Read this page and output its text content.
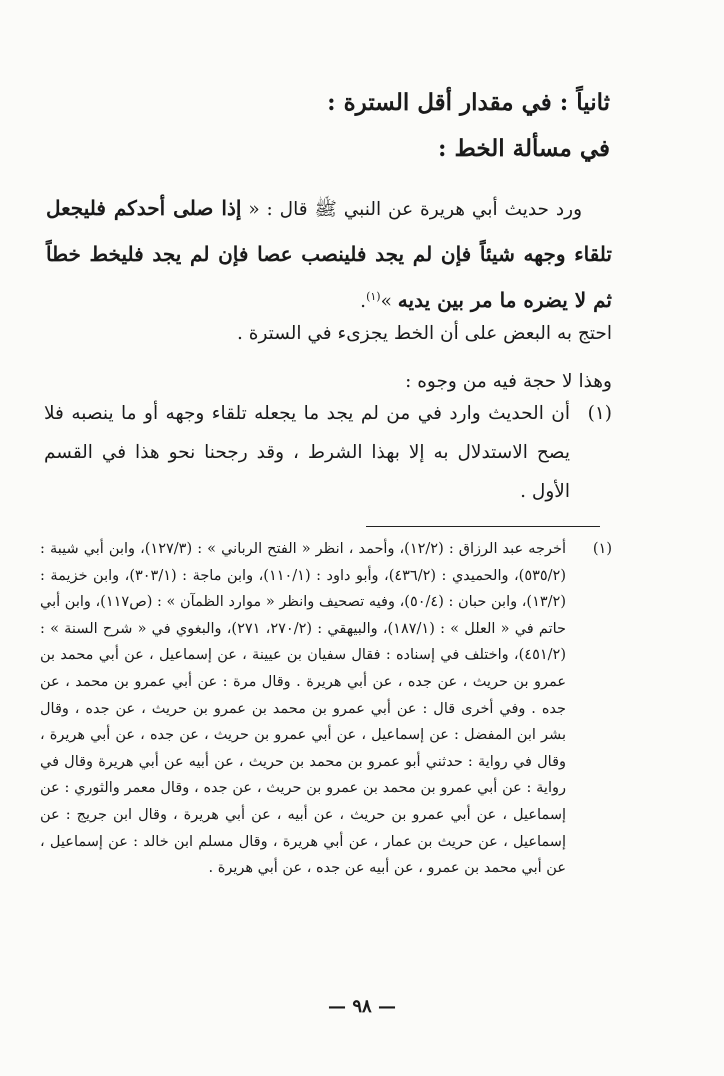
ثانياً : في مقدار أقل السترة :
في مسألة الخط :
ورد حديث أبي هريرة عن النبي ﷺ قال : « إذا صلى أحدكم فليجعل تلقاء وجهه شيئاً فإن لم يجد فلينصب عصا فإن لم يجد فليخط خطاً ثم لا يضره ما مر بين يديه »$^{(١)}$.
احتج به البعض على أن الخط يجزىء في السترة .
وهذا لا حجة فيه من وجوه :
(١)
أن الحديث وارد في من لم يجد ما يجعله تلقاء وجهه أو ما ينصبه فلا يصح الاستدلال به إلا بهذا الشرط ، وقد رجحنا نحو هذا في القسم الأول .
(١)
أخرجه عبد الرزاق : (١٢/٢)، وأحمد ، انظر « الفتح الرباني » : (١٢٧/٣)، وابن أبي شيبة : (٥٣٥/٢)، والحميدي : (٤٣٦/٢)، وأبو داود : (١١٠/١)، وابن ماجة : (٣٠٣/١)، وابن خزيمة : (١٣/٢)، وابن حبان : (٥٠/٤)، وفيه تصحيف وانظر « موارد الظمآن » : (ص١١٧)، وابن أبي حاتم في « العلل » : (١٨٧/١)، والبيهقي : (٢٧٠/٢، ٢٧١)، والبغوي في « شرح السنة » : (٤٥١/٢)، واختلف في إسناده : فقال سفيان بن عيينة ، عن إسماعيل ، عن أبي محمد بن عمرو بن حريث ، عن جده ، عن أبي هريرة . وقال مرة : عن أبي عمرو بن محمد ، عن جده . وفي أخرى قال : عن أبي عمرو بن محمد بن عمرو بن حريث ، عن جده ، وقال بشر ابن المفضل : عن إسماعيل ، عن أبي عمرو بن حريث ، عن جده ، عن أبي هريرة ، وقال في رواية : حدثني أبو عمرو بن محمد بن حريث ، عن أبيه عن أبي هريرة وقال في رواية : عن أبي عمرو بن محمد بن عمرو بن حريث ، عن جده ، وقال معمر والثوري : عن إسماعيل ، عن أبي عمرو بن حريث ، عن أبيه ، عن أبي هريرة ، وقال ابن جريج : عن إسماعيل ، عن حريث بن عمار ، عن أبي هريرة ، وقال مسلم ابن خالد : عن إسماعيل ، عن أبي محمد بن عمرو ، عن أبيه عن جده ، عن أبي هريرة .
— ٩٨ —
